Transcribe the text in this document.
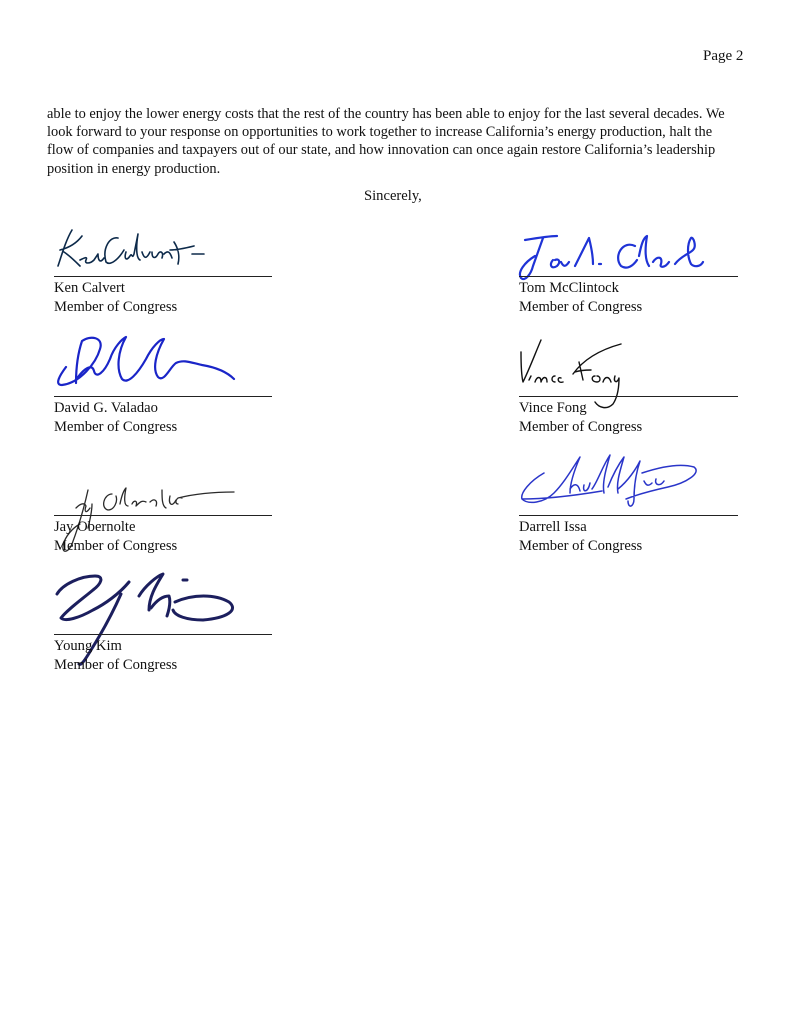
Page 2

able to enjoy the lower energy costs that the rest of the country has been able to enjoy for the last several decades. We look forward to your response on opportunities to work together to increase California’s energy production, halt the flow of companies and taxpayers out of our state, and how innovation can once again restore California’s leadership position in energy production.

Sincerely,
Ken Calvert
Member of Congress
Tom McClintock
Member of Congress
David G. Valadao
Member of Congress
Vince Fong
Member of Congress
Jay Obernolte
Member of Congress
Darrell Issa
Member of Congress
Young Kim
Member of Congress
